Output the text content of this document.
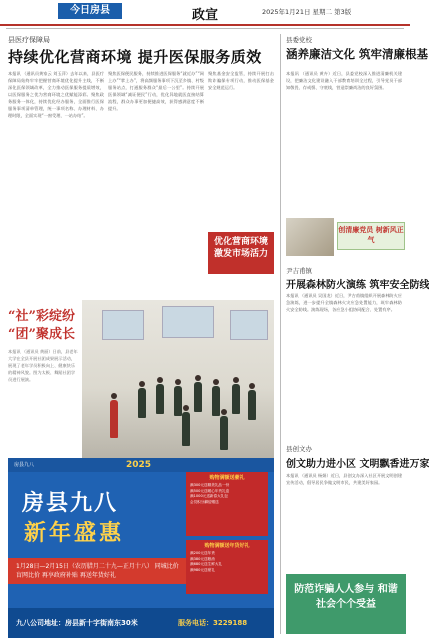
今日房县	政宣	2025年1月21日 星期二 第3版
县医疗保障局
持续优化营商环境 提升医保服务质效
本报讯 （通讯员黄家云 刘玉萍）去年以来，县医疗保障局始终牢牢把握营商环境优化提升主线，不断深化医保领域改革，全力推动医保服务提质增效，以医保服务之优为营商环境之优赋能添彩。聚焦政务服务一体化，持续优化经办服务，全面推行医保服务事项清单管理，统一事项名称、办理材料、办理时限，全面实现“一窗受理、一站办结”。
聚焦医保便民服务，持续推进医保服务“就近办”“网上办”“掌上办”，将高频服务事项下沉至乡镇、村级服务站点，打通服务群众“最后一公里”。持续开展医保领域“减证便民”行动，优化异地就医直接结算流程，群众办事更加便捷高效，获得感满意度不断提升。
聚焦基金安全监管，持续开展打击欺诈骗保专项行动，推动医保基金安全规范运行。
优化营商环境 激发市场活力
“社”彩绽纷 “团”聚成长
本报讯 （通讯员 黄丽）日前，县老年大学在全县开展社团成果展示活动，展现了老年学员积极向上、健康快乐的精神风貌。图为太极、舞蹈社团学员进行展演。
房县九八	2025
房县九八
新年盛惠
购物满额送豪礼
满300元送精美礼品一份
满500元送暖心年货礼盒
满1000元送新春大礼包
会员积分翻倍赠送
购物满额送年货好礼
满200元送年货
满380元送粮油
满680元送生鲜大礼
满980元送豪礼
1月28日—2月15日（农历腊月二十九—正月十八） 同城比价 盲网比价 再享政府补贴 再送年货好礼
九八公司地址：房县新十字街南东30米	服务电话：3229188
县委党校
涵养廉洁文化 筑牢清廉根基
本报讯 （通讯员 黄卉）近日，县委党校深入推进清廉机关建设，把廉洁文化建设融入干部教育培训全过程，引导党员干部知敬畏、存戒惧、守底线，营造崇廉尚洁的良好氛围。
创清廉党员 树新风正气
尹吉甫镇
开展森林防火演练 筑牢安全防线
本报讯 （通讯员 吴国龙）近日，尹吉甫镇组织开展森林防火应急演练，进一步提升全镇森林火灾应急处置能力，筑牢森林防火安全防线。演练现场，各应急小组协同配合、处置有序。
县创文办
创文助力进小区 文明飘香进万家
本报讯 （通讯员 杨娟）近日，县创文办深入社区开展文明创建宣传活动，倡导居民争做文明市民，共建美好家园。
防范诈骗人人参与 和谐社会个个受益
